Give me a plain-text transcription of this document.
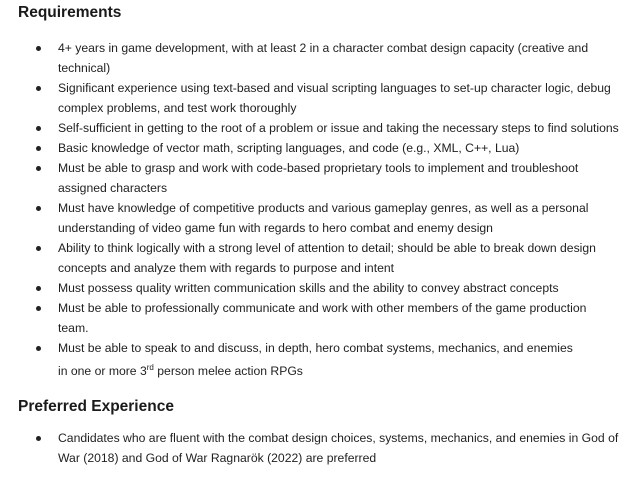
Requirements
4+ years in game development, with at least 2 in a character combat design capacity (creative and technical)
Significant experience using text-based and visual scripting languages to set-up character logic, debug complex problems, and test work thoroughly
Self-sufficient in getting to the root of a problem or issue and taking the necessary steps to find solutions
Basic knowledge of vector math, scripting languages, and code (e.g., XML, C++, Lua)
Must be able to grasp and work with code-based proprietary tools to implement and troubleshoot assigned characters
Must have knowledge of competitive products and various gameplay genres, as well as a personal understanding of video game fun with regards to hero combat and enemy design
Ability to think logically with a strong level of attention to detail; should be able to break down design concepts and analyze them with regards to purpose and intent
Must possess quality written communication skills and the ability to convey abstract concepts
Must be able to professionally communicate and work with other members of the game production team.
Must be able to speak to and discuss, in depth, hero combat systems, mechanics, and enemies
in one or more 3rd person melee action RPGs
Preferred Experience
Candidates who are fluent with the combat design choices, systems, mechanics, and enemies in God of War (2018) and God of War Ragnarök (2022) are preferred
